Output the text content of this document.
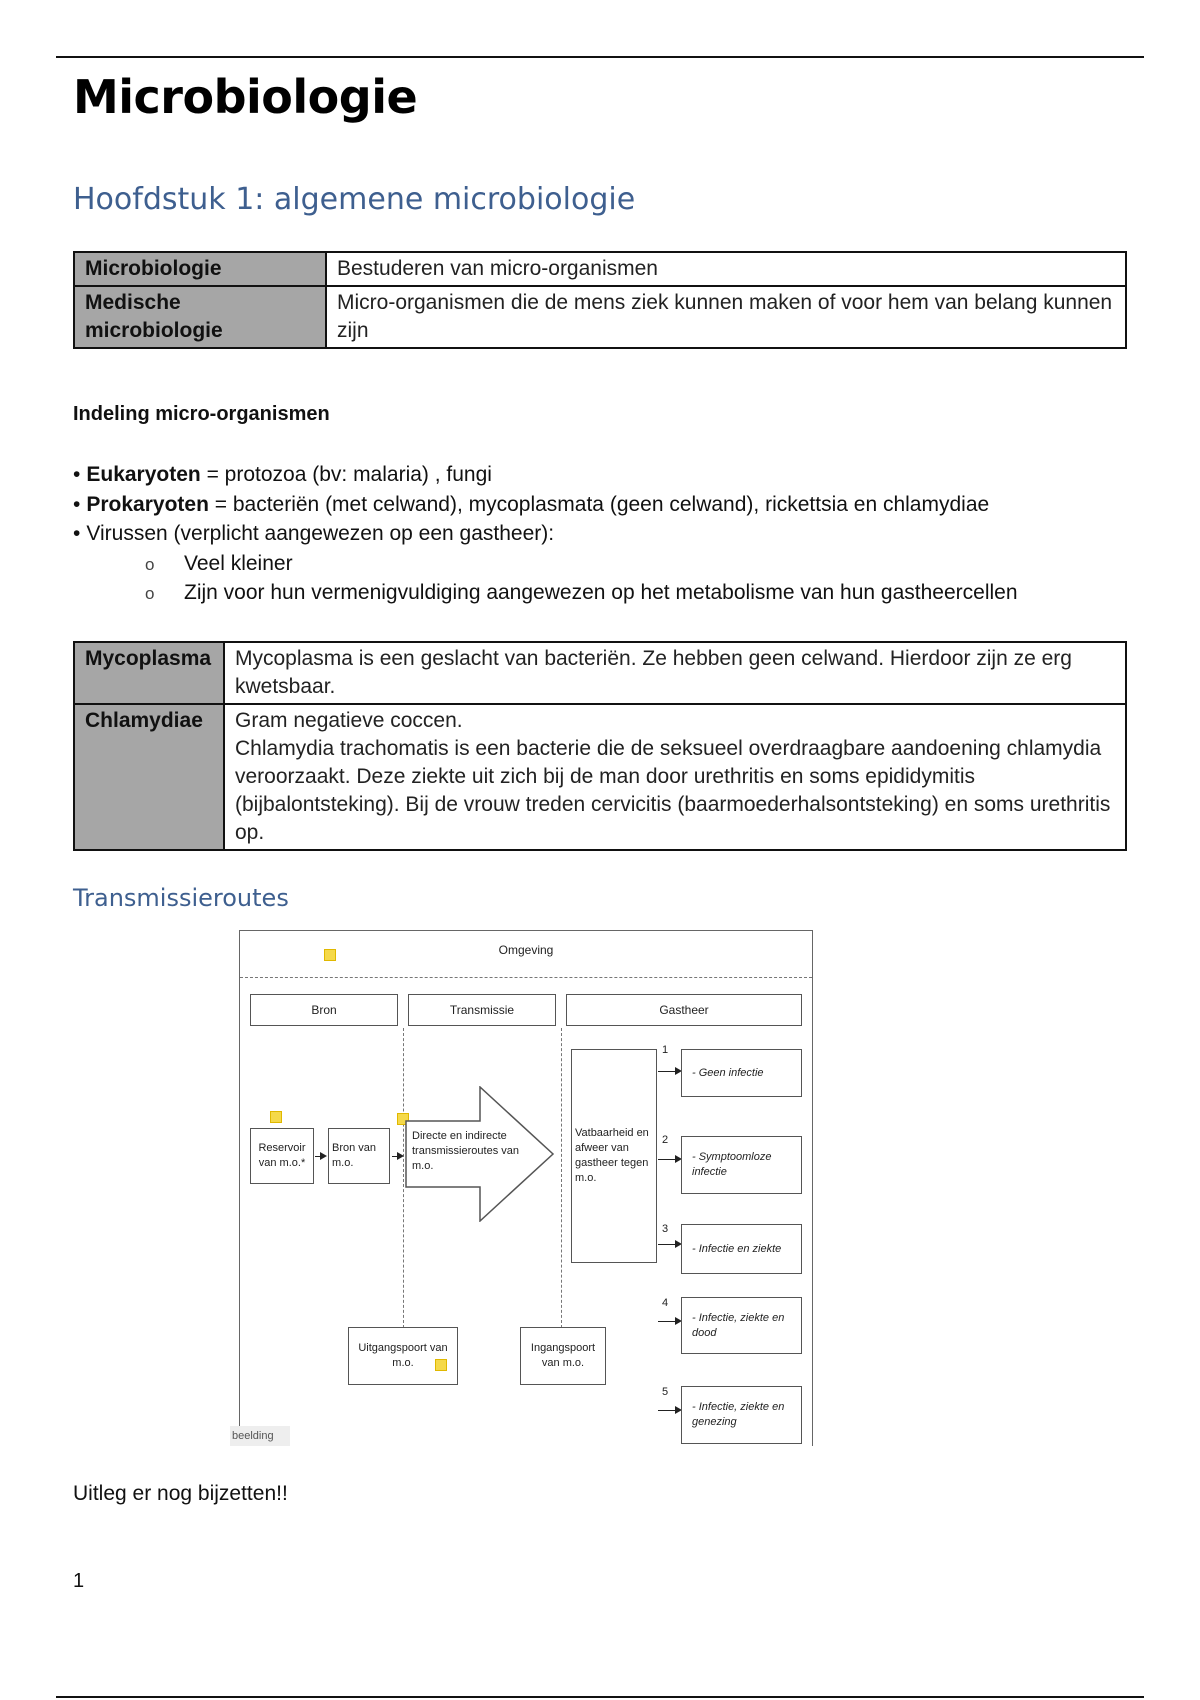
Microbiologie
Hoofdstuk 1: algemene microbiologie
Microbiologie	Bestuderen van micro-organismen
Medische microbiologie	Micro-organismen die de mens ziek kunnen maken of voor hem van belang kunnen zijn
Indeling micro-organismen
• Eukaryoten = protozoa (bv: malaria) , fungi
• Prokaryoten = bacteriën (met celwand), mycoplasmata (geen celwand), rickettsia en chlamydiae
• Virussen (verplicht aangewezen op een gastheer):
o Veel kleiner
o Zijn voor hun vermenigvuldiging aangewezen op het metabolisme van hun gastheercellen
Mycoplasma	Mycoplasma is een geslacht van bacteriën. Ze hebben geen celwand. Hierdoor zijn ze erg kwetsbaar.
Chlamydiae	Gram negatieve coccen.
Chlamydia trachomatis is een bacterie die de seksueel overdraagbare aandoening chlamydia veroorzaakt. Deze ziekte uit zich bij de man door urethritis en soms epididymitis (bijbalontsteking). Bij de vrouw treden cervicitis (baarmoederhalsontsteking) en soms urethritis op.
Transmissieroutes
Omgeving
Bron	Transmissie	Gastheer
Reservoir van m.o.*
Bron van m.o.
Directe en indirecte transmissieroutes van m.o.
Vatbaarheid en afweer van gastheer tegen m.o.
1
- Geen infectie
2
- Symptoomloze infectie
3
- Infectie en ziekte
4
- Infectie, ziekte en dood
5
- Infectie, ziekte en genezing
Uitgangspoort van m.o.
Ingangspoort van m.o.
beelding
Uitleg er nog bijzetten!!
1
